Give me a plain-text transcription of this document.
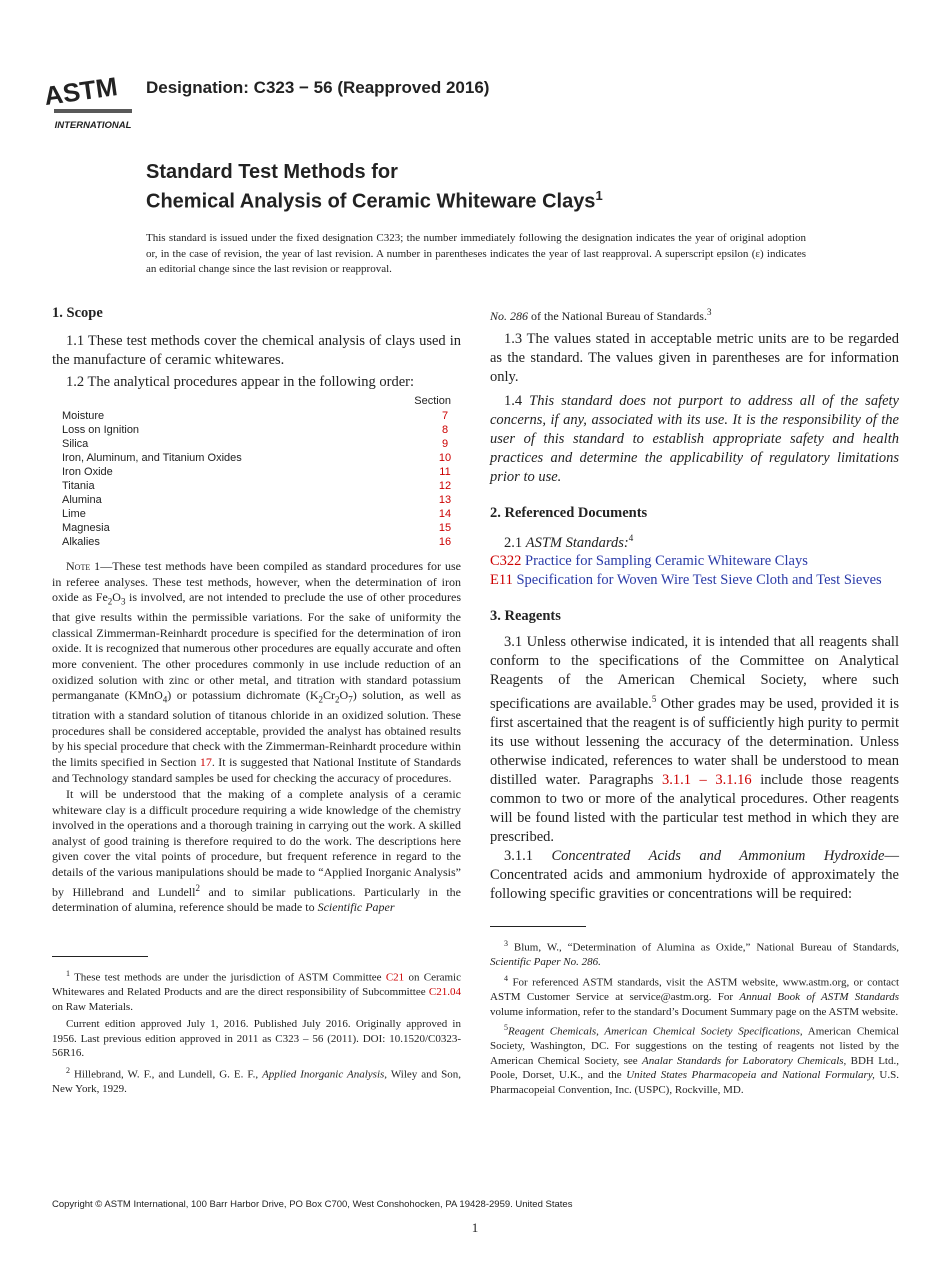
ASTM
INTERNATIONAL
Designation: C323 − 56 (Reapproved 2016)
Standard Test Methods for
Chemical Analysis of Ceramic Whiteware Clays$^1$
This standard is issued under the fixed designation C323; the number immediately following the designation indicates the year of original adoption or, in the case of revision, the year of last revision. A number in parentheses indicates the year of last reapproval. A superscript epsilon (ε) indicates an editorial change since the last revision or reapproval.
1. Scope

1.1 These test methods cover the chemical analysis of clays used in the manufacture of ceramic whitewares.

1.2 The analytical procedures appear in the following order:

Section
Moisture	7
Loss on Ignition	8
Silica	9
Iron, Aluminum, and Titanium Oxides	10
Iron Oxide	11
Titania	12
Alumina	13
Lime	14
Magnesia	15
Alkalies	16

Note 1—These test methods have been compiled as standard procedures for use in referee analyses. These test methods, however, when the determination of iron oxide as $Fe_2O_3$ is involved, are not intended to preclude the use of other procedures that give results within the permissible variations. For the sake of uniformity the classical Zimmerman-Reinhardt procedure is specified for the determination of iron oxide. It is recognized that numerous other procedures are equally accurate and often more convenient. The other procedures commonly in use include reduction of an oxidized solution with zinc or other metal, and titration with standard potassium permanganate (KMnO$_4$) or potassium dichromate $(K_2Cr_2O_7)$ solution, as well as titration with a standard solution of titanous chloride in an oxidized solution. These procedures shall be considered acceptable, provided the analyst has obtained results by his special procedure that check with the Zimmerman-Reinhardt procedure within the limits specified in Section 17. It is suggested that National Institute of Standards and Technology standard samples be used for checking the accuracy of procedures.

It will be understood that the making of a complete analysis of a ceramic whiteware clay is a difficult procedure requiring a wide knowledge of the chemistry involved in the operations and a thorough training in carrying out the work. A skilled analyst of good training is therefore required to do the work. The descriptions here given cover the vital points of procedure, but frequent reference in regard to the details of the various manipulations should be made to “Applied Inorganic Analysis” by Hillebrand and Lundell$^2$ and to similar publications. Particularly in the determination of alumina, reference should be made to Scientific Paper

$^1$ These test methods are under the jurisdiction of ASTM Committee C21 on Ceramic Whitewares and Related Products and are the direct responsibility of Subcommittee C21.04 on Raw Materials.

Current edition approved July 1, 2016. Published July 2016. Originally approved in 1956. Last previous edition approved in 2011 as C323 – 56 (2011). DOI: 10.1520/C0323-56R16.

$^2$ Hillebrand, W. F., and Lundell, G. E. F., Applied Inorganic Analysis, Wiley and Son, New York, 1929.

No. 286 of the National Bureau of Standards.$^3$

1.3 The values stated in acceptable metric units are to be regarded as the standard. The values given in parentheses are for information only.

1.4 This standard does not purport to address all of the safety concerns, if any, associated with its use. It is the responsibility of the user of this standard to establish appropriate safety and health practices and determine the applicability of regulatory limitations prior to use.

2. Referenced Documents

2.1 ASTM Standards:$^4$

C322 Practice for Sampling Ceramic Whiteware Clays

E11 Specification for Woven Wire Test Sieve Cloth and Test Sieves

3. Reagents

3.1 Unless otherwise indicated, it is intended that all reagents shall conform to the specifications of the Committee on Analytical Reagents of the American Chemical Society, where such specifications are available.$^5$ Other grades may be used, provided it is first ascertained that the reagent is of sufficiently high purity to permit its use without lessening the accuracy of the determination. Unless otherwise indicated, references to water shall be understood to mean distilled water. Paragraphs 3.1.1 – 3.1.16 include those reagents common to two or more of the analytical procedures. Other reagents will be found listed with the particular test method in which they are prescribed.

3.1.1 Concentrated Acids and Ammonium Hydroxide—Concentrated acids and ammonium hydroxide of approximately the following specific gravities or concentrations will be required:

$^3$ Blum, W., “Determination of Alumina as Oxide,” National Bureau of Standards, Scientific Paper No. 286.

$^4$ For referenced ASTM standards, visit the ASTM website, www.astm.org, or contact ASTM Customer Service at service@astm.org. For Annual Book of ASTM Standards volume information, refer to the standard’s Document Summary page on the ASTM website.

$^5$Reagent Chemicals, American Chemical Society Specifications, American Chemical Society, Washington, DC. For suggestions on the testing of reagents not listed by the American Chemical Society, see Analar Standards for Laboratory Chemicals, BDH Ltd., Poole, Dorset, U.K., and the United States Pharmacopeia and National Formulary, U.S. Pharmacopeial Convention, Inc. (USPC), Rockville, MD.

Copyright © ASTM International, 100 Barr Harbor Drive, PO Box C700, West Conshohocken, PA 19428-2959. United States
1
